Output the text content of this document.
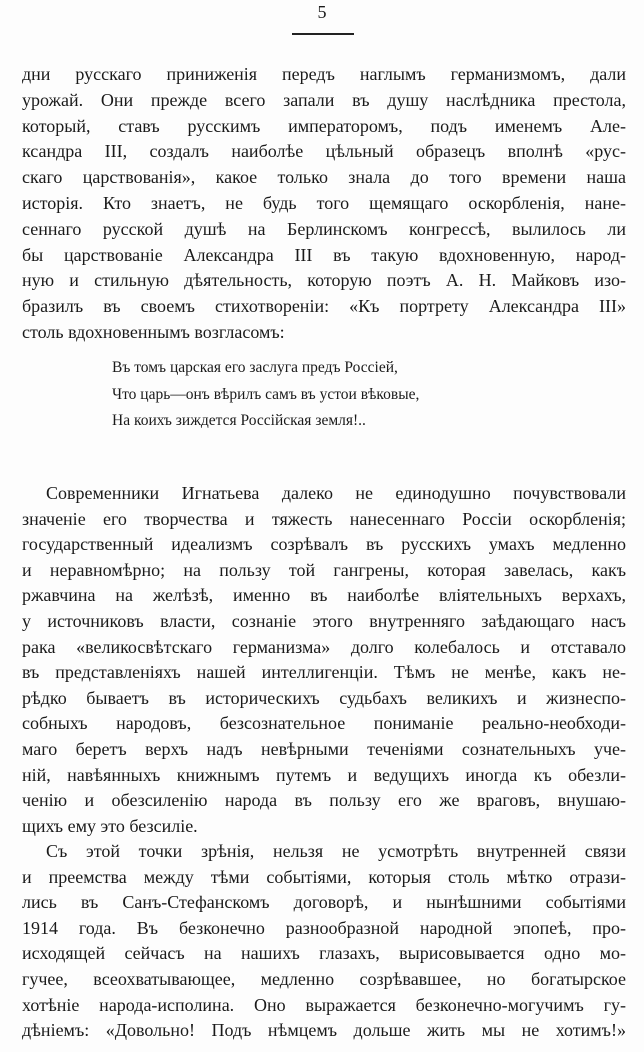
5
дни русскаго приниженія передъ наглымъ германизмомъ, дали
урожай. Они прежде всего запали въ душу наслѣдника престола,
который, ставъ русскимъ императоромъ, подъ именемъ Але-
ксандра III, создалъ наиболѣе цѣльный образецъ вполнѣ «рус-
скаго царствованія», какое только знала до того времени наша
исторія. Кто знаетъ, не будь того щемящаго оскорбленія, нане-
сеннаго русской душѣ на Берлинскомъ конгрессѣ, вылилось ли
бы царствованіе Александра III въ такую вдохновенную, народ-
ную и стильную дѣятельность, которую поэтъ А. Н. Майковъ изо-
бразилъ въ своемъ стихотвореніи: «Къ портрету Александра III»
столь вдохновеннымъ возгласомъ:
Въ томъ царская его заслуга предъ Россіей,
Что царь—онъ вѣрилъ самъ въ устои вѣковые,
На коихъ зиждется Россійская земля!..
Современники Игнатьева далеко не единодушно почувствовали
значеніе его творчества и тяжесть нанесеннаго Россіи оскорбленія;
государственный идеализмъ созрѣвалъ въ русскихъ умахъ медленно
и неравномѣрно; на пользу той гангрены, которая завелась, какъ
ржавчина на желѣзѣ, именно въ наиболѣе вліятельныхъ верхахъ,
у источниковъ власти, сознаніе этого внутренняго заѣдающаго насъ
рака «великосвѣтскаго германизма» долго колебалось и отставало
въ представленіяхъ нашей интеллигенціи. Тѣмъ не менѣе, какъ не-
рѣдко бываетъ въ историческихъ судьбахъ великихъ и жизнеспо-
собныхъ народовъ, безсознательное пониманіе реально-необходи-
маго беретъ верхъ надъ невѣрными теченіями сознательныхъ уче-
ній, навѣянныхъ книжнымъ путемъ и ведущихъ иногда къ обезли-
ченію и обезсиленію народа въ пользу его же враговъ, внушаю-
щихъ ему это безсиліе.
Съ этой точки зрѣнія, нельзя не усмотрѣть внутренней связи
и преемства между тѣми событіями, которыя столь мѣтко отрази-
лись въ Санъ-Стефанскомъ договорѣ, и нынѣшними событіями
1914 года. Въ безконечно разнообразной народной эпопеѣ, про-
исходящей сейчасъ на нашихъ глазахъ, вырисовывается одно мо-
гучее, всеохватывающее, медленно созрѣвавшее, но богатырское
хотѣніе народа-исполина. Оно выражается безконечно-могучимъ гу-
дѣніемъ: «Довольно! Подъ нѣмцемъ дольше жить мы не хотимъ!»
